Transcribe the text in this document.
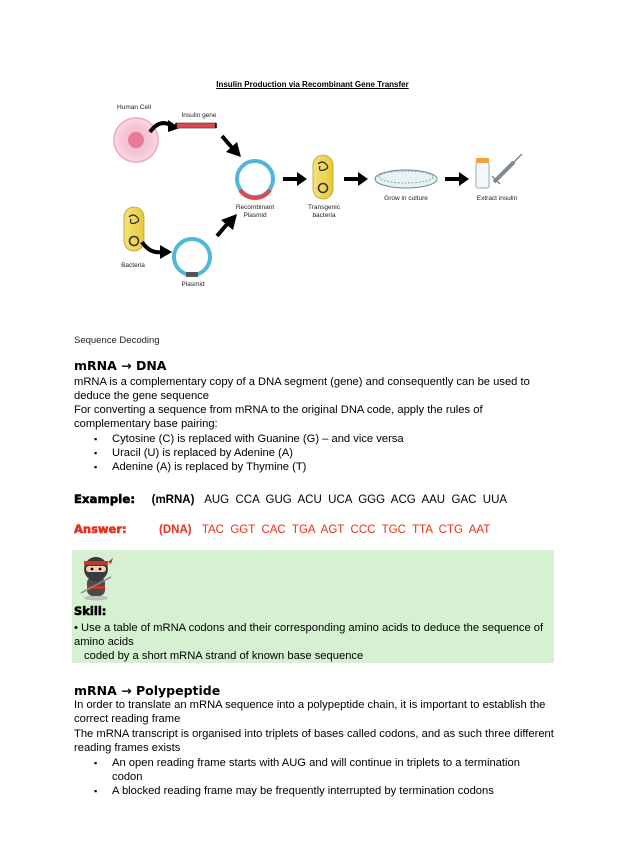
Insulin Production via Recombinant Gene Transfer
Human Cell
Insulin gene
Recombinant
Plasmid
Transgenic
bacteria
Grow in culture	Extract insulin
Bacteria
Plasmid
Sequence Decoding
mRNA → DNA
mRNA is a complementary copy of a DNA segment (gene) and consequently can be used to deduce the gene sequence
For converting a sequence from mRNA to the original DNA code, apply the rules of complementary base pairing:
▪ Cytosine (C) is replaced with Guanine (G) – and vice versa
▪ Uracil (U) is replaced by Adenine (A)
▪ Adenine (A) is replaced by Thymine (T)
Example: (mRNA) AUG  CCA  GUG  ACU  UCA  GGG  ACG  AAU  GAC  UUA
Answer:	(DNA) TAC  GGT  CAC  TGA  AGT  CCC  TGC  TTA  CTG  AAT
Skill:
• Use a table of mRNA codons and their corresponding amino acids to deduce the sequence of amino acids
coded by a short mRNA strand of known base sequence
mRNA → Polypeptide
In order to translate an mRNA sequence into a polypeptide chain, it is important to establish the correct reading frame
The mRNA transcript is organised into triplets of bases called codons, and as such three different reading frames exists
▪ An open reading frame starts with AUG and will continue in triplets to a termination codon
▪ A blocked reading frame may be frequently interrupted by termination codons
